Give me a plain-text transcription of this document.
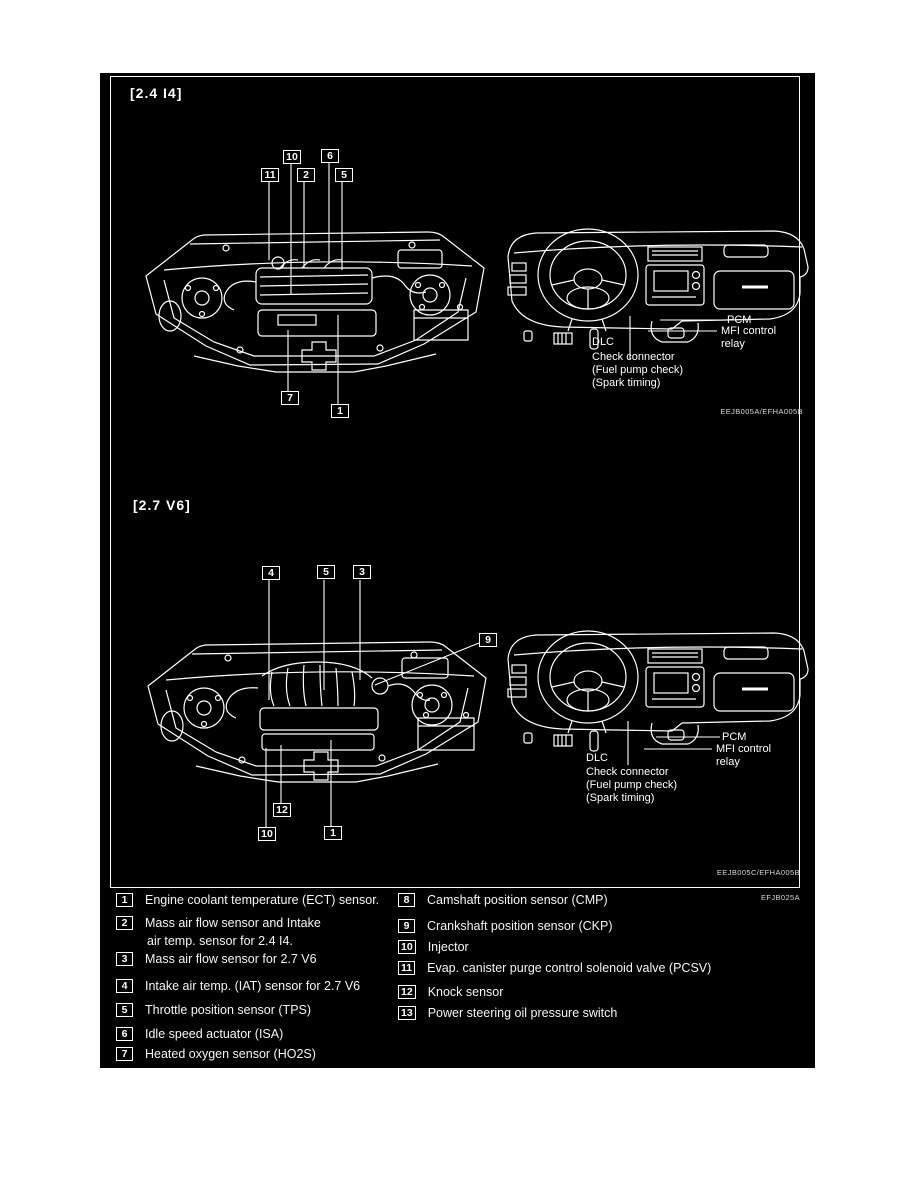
[2.4 I4]
[2.7 V6]
10	6
11	2	5
7
1
4	5	3
9
12
10	1
PCM
MFI control
relay
DLC
Check connector
(Fuel pump check)
(Spark timing)
EEJB005A/EFHA005B
PCM
MFI control
relay
DLC
Check connector
(Fuel pump check)
(Spark timing)
EEJB005C/EFHA005B
EFJB025A
1 Engine coolant temperature (ECT) sensor.
2 Mass air flow sensor and Intake
air temp. sensor for 2.4 I4.
3 Mass air flow sensor for 2.7 V6
4 Intake air temp. (IAT) sensor for 2.7 V6
5 Throttle position sensor (TPS)
6 Idle speed actuator (ISA)
7 Heated oxygen sensor (HO2S)
8 Camshaft position sensor (CMP)
9 Crankshaft position sensor (CKP)
10 Injector
11 Evap. canister purge control solenoid valve (PCSV)
12 Knock sensor
13 Power steering oil pressure switch
